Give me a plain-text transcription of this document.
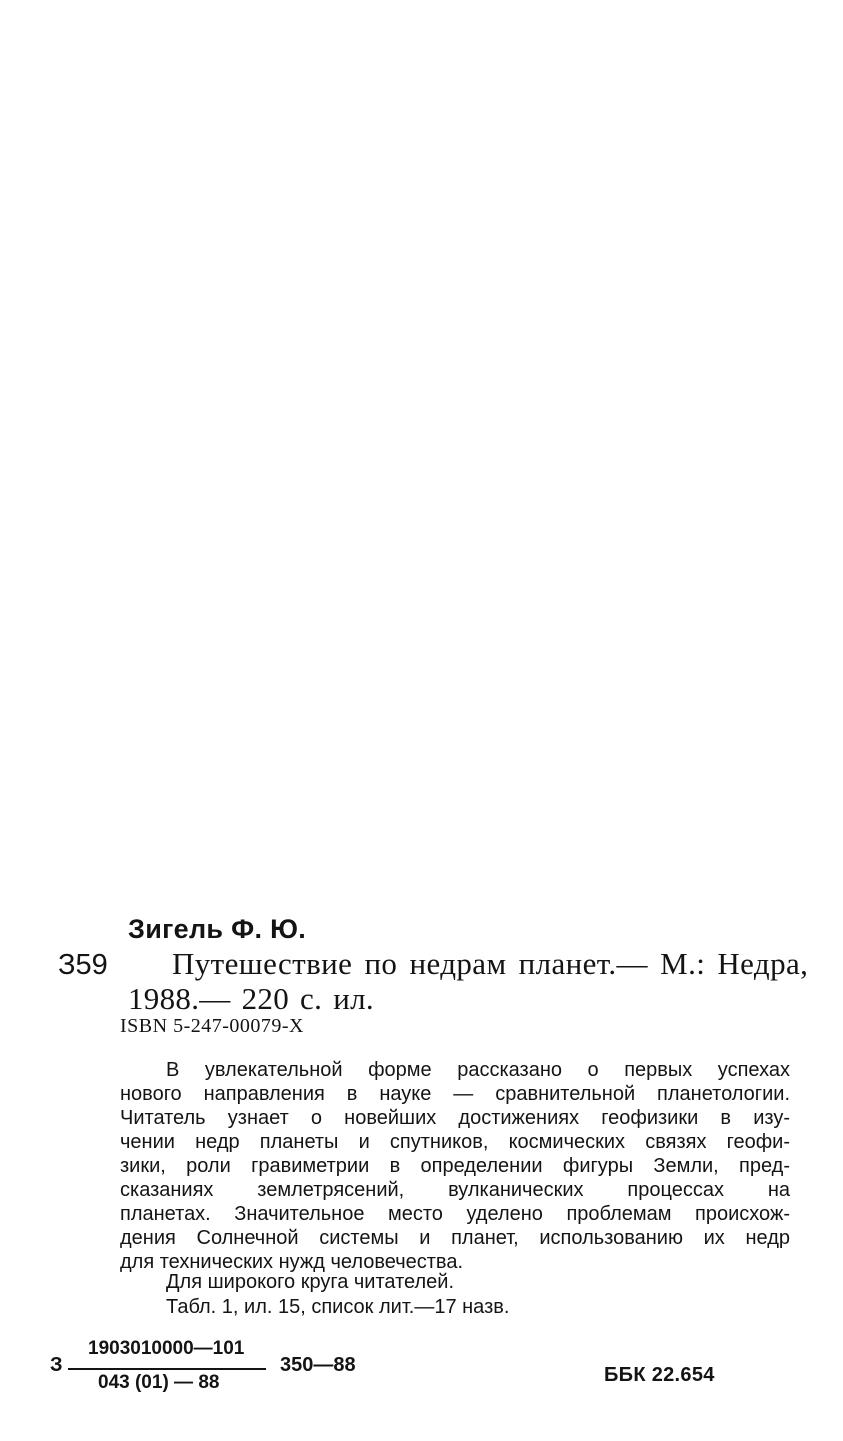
Зигель Ф. Ю.
З59 Путешествие по недрам планет.— М.: Недра,
1988.— 220 с. ил.
ISBN 5-247-00079-X
В увлекательной форме рассказано о первых успехах
нового направления в науке — сравнительной планетологии.
Читатель узнает о новейших достижениях геофизики в изу-
чении недр планеты и спутников, космических связях геофи-
зики, роли гравиметрии в определении фигуры Земли, пред-
сказаниях землетрясений, вулканических процессах на
планетах. Значительное место уделено проблемам происхож-
дения Солнечной системы и планет, использованию их недр
для технических нужд человечества.
Для широкого круга читателей.
Табл. 1, ил. 15, список лит.—17 назв.
З
1903010000—101
043 (01) — 88
350—88	ББК 22.654
